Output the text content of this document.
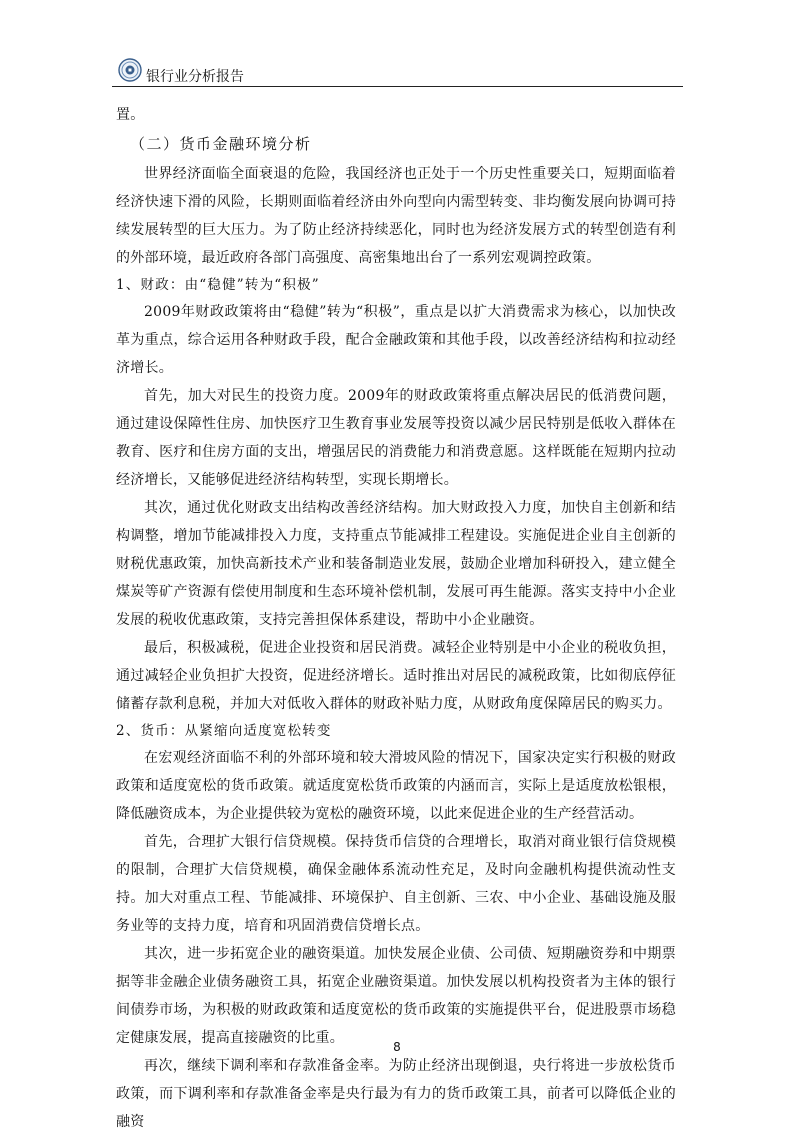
银行业分析报告

置。

（二）货币金融环境分析

世界经济面临全面衰退的危险，我国经济也正处于一个历史性重要关口，短期面临着经济快速下滑的风险，长期则面临着经济由外向型向内需型转变、非均衡发展向协调可持续发展转型的巨大压力。为了防止经济持续恶化，同时也为经济发展方式的转型创造有利的外部环境，最近政府各部门高强度、高密集地出台了一系列宏观调控政策。

1、财政：由“稳健”转为“积极”

2009年财政政策将由“稳健”转为“积极”，重点是以扩大消费需求为核心，以加快改革为重点，综合运用各种财政手段，配合金融政策和其他手段，以改善经济结构和拉动经济增长。

首先，加大对民生的投资力度。2009年的财政政策将重点解决居民的低消费问题，通过建设保障性住房、加快医疗卫生教育事业发展等投资以减少居民特别是低收入群体在教育、医疗和住房方面的支出，增强居民的消费能力和消费意愿。这样既能在短期内拉动经济增长，又能够促进经济结构转型，实现长期增长。

其次，通过优化财政支出结构改善经济结构。加大财政投入力度，加快自主创新和结构调整，增加节能减排投入力度，支持重点节能减排工程建设。实施促进企业自主创新的财税优惠政策，加快高新技术产业和装备制造业发展，鼓励企业增加科研投入，建立健全煤炭等矿产资源有偿使用制度和生态环境补偿机制，发展可再生能源。落实支持中小企业发展的税收优惠政策，支持完善担保体系建设，帮助中小企业融资。

最后，积极减税，促进企业投资和居民消费。减轻企业特别是中小企业的税收负担，通过减轻企业负担扩大投资，促进经济增长。适时推出对居民的减税政策，比如彻底停征储蓄存款利息税，并加大对低收入群体的财政补贴力度，从财政角度保障居民的购买力。

2、货币：从紧缩向适度宽松转变

在宏观经济面临不利的外部环境和较大滑坡风险的情况下，国家决定实行积极的财政政策和适度宽松的货币政策。就适度宽松货币政策的内涵而言，实际上是适度放松银根，降低融资成本，为企业提供较为宽松的融资环境，以此来促进企业的生产经营活动。

首先，合理扩大银行信贷规模。保持货币信贷的合理增长，取消对商业银行信贷规模的限制，合理扩大信贷规模，确保金融体系流动性充足，及时向金融机构提供流动性支持。加大对重点工程、节能减排、环境保护、自主创新、三农、中小企业、基础设施及服务业等的支持力度，培育和巩固消费信贷增长点。

其次，进一步拓宽企业的融资渠道。加快发展企业债、公司债、短期融资券和中期票据等非金融企业债务融资工具，拓宽企业融资渠道。加快发展以机构投资者为主体的银行间债券市场，为积极的财政政策和适度宽松的货币政策的实施提供平台，促进股票市场稳定健康发展，提高直接融资的比重。

再次，继续下调利率和存款准备金率。为防止经济出现倒退，央行将进一步放松货币政策，而下调利率和存款准备金率是央行最为有力的货币政策工具，前者可以降低企业的融资

8
